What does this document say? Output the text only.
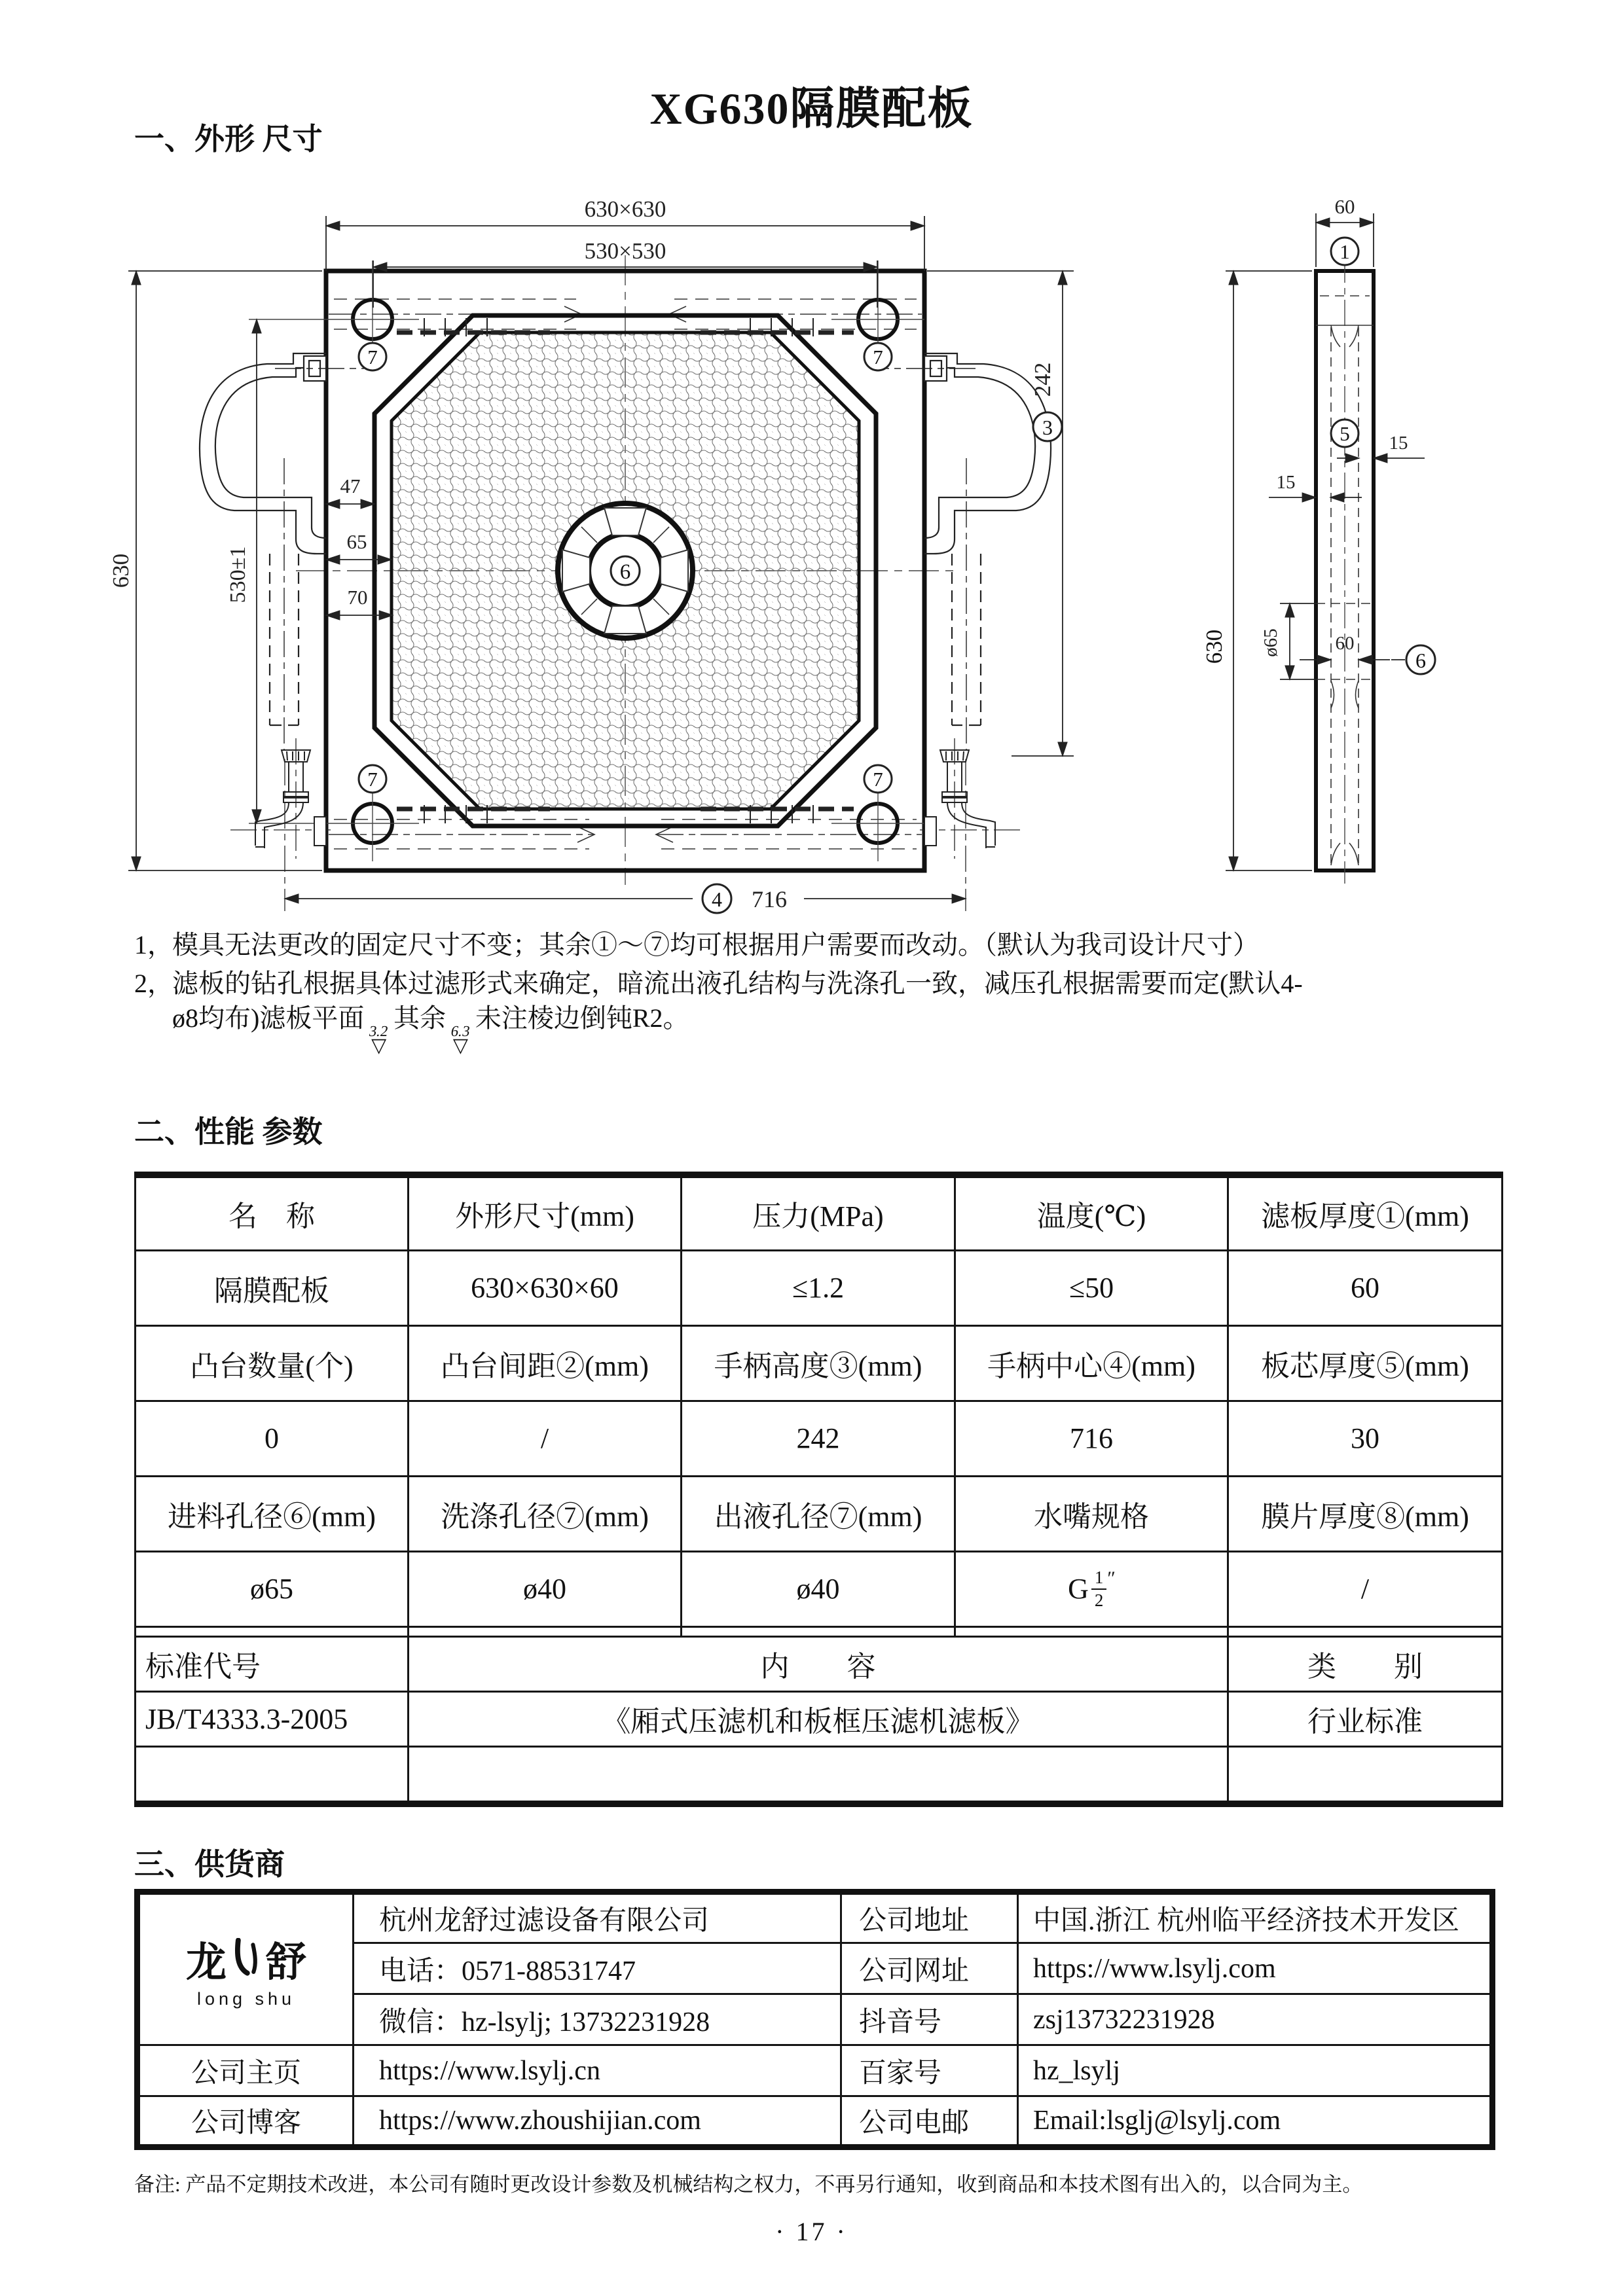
XG630隔膜配板
一、外形 尺寸
7	7
7	7
6
630×630
530×530
630	530±1
47
65
70
242
3
4 716
60
1
5 15
15
630 ø65	60
6
1，
模具无法更改的固定尺寸不变；其余①～⑦均可根据用户需要而改动。（默认为我司设计尺寸）
2，
滤板的钻孔根据具体过滤形式来确定，暗流出液孔结构与洗涤孔一致，减压孔根据需要而定(默认4-
ø8均布)滤板平面 3.2
▽
其余 6.3
▽
未注棱边倒钝R2。
二、性能 参数
名　称	外形尺寸(mm)	压力(MPa)	温度(℃)	滤板厚度①(mm)
隔膜配板	630×630×60	≤1.2	≤50	60
凸台数量(个)	凸台间距②(mm)	手柄高度③(mm)	手柄中心④(mm)	板芯厚度⑤(mm)
0	/	242	716	30
进料孔径⑥(mm)	洗涤孔径⑦(mm)	出液孔径⑦(mm)	水嘴规格	膜片厚度⑧(mm)
ø65	ø40	ø40	G $\frac{1}{2}$ ″	/

标准代号	内　　容			类　　别
JB/T4333.3-2005	《厢式压滤机和板框压滤机滤板》			行业标准

三、供货商
龙 舒
long shu	杭州龙舒过滤设备有限公司	公司地址	中国.浙江 杭州临平经济技术开发区
	电话：0571-88531747	公司网址	https://www.lsylj.com
	微信：hz-lsylj; 13732231928	抖音号	zsj13732231928
公司主页	https://www.lsylj.cn	百家号	hz_lsylj
公司博客	https://www.zhoushijian.com	公司电邮	Email:lsglj@lsylj.com
备注: 产品不定期技术改进，本公司有随时更改设计参数及机械结构之权力，不再另行通知，收到商品和本技术图有出入的，以合同为主。
· 17 ·
